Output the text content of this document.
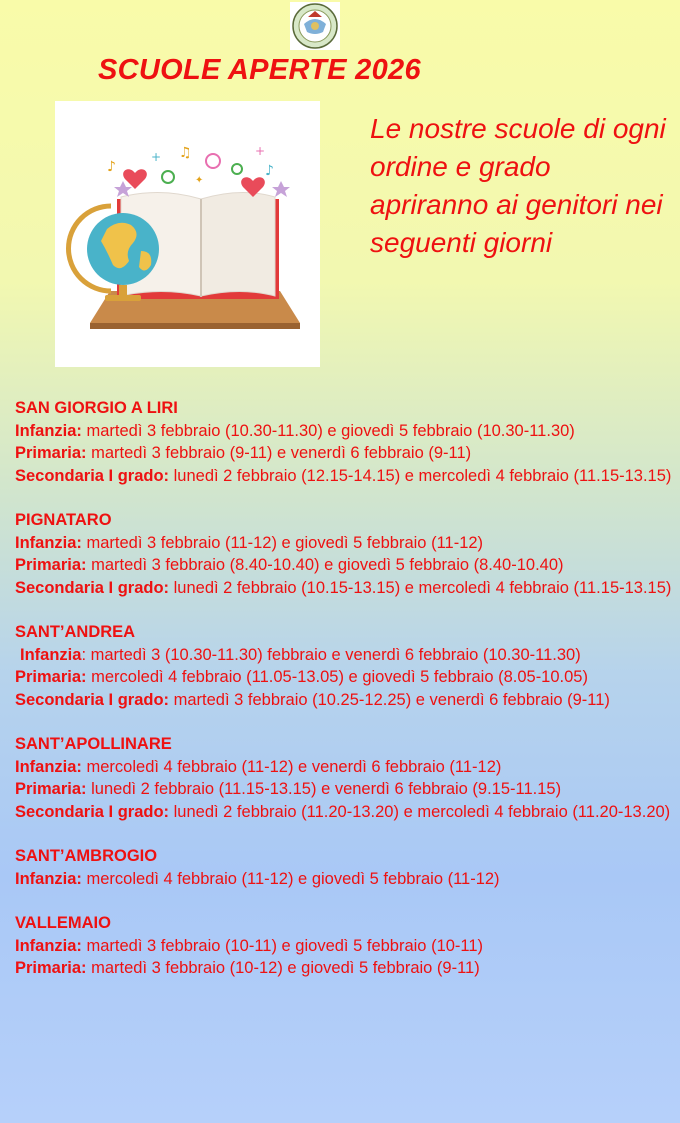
SCUOLE APERTE 2026
♪
♫
♪
+	+
✦

Le nostre scuole di ogni ordine e grado apriranno ai genitori nei seguenti giorni

SAN GIORGIO A LIRI

Infanzia: martedì 3 febbraio (10.30-11.30) e giovedì 5 febbraio (10.30-11.30)

Primaria: martedì 3 febbraio (9-11) e venerdì 6 febbraio (9-11)

Secondaria I grado: lunedì 2 febbraio (12.15-14.15) e mercoledì 4 febbraio (11.15-13.15)

PIGNATARO

Infanzia: martedì 3 febbraio (11-12) e giovedì 5 febbraio (11-12)

Primaria: martedì 3 febbraio (8.40-10.40) e giovedì 5 febbraio (8.40-10.40)

Secondaria I grado: lunedì 2 febbraio (10.15-13.15) e mercoledì 4 febbraio (11.15-13.15)

SANT’ANDREA

Infanzia: martedì 3 (10.30-11.30) febbraio e venerdì 6 febbraio (10.30-11.30)

Primaria: mercoledì 4 febbraio (11.05-13.05) e giovedì 5 febbraio (8.05-10.05)

Secondaria I grado: martedì 3 febbraio (10.25-12.25) e venerdì 6 febbraio (9-11)

SANT’APOLLINARE

Infanzia: mercoledì 4 febbraio (11-12) e venerdì 6 febbraio (11-12)

Primaria: lunedì 2 febbraio (11.15-13.15) e venerdì 6 febbraio (9.15-11.15)

Secondaria I grado: lunedì 2 febbraio (11.20-13.20) e mercoledì 4 febbraio (11.20-13.20)

SANT’AMBROGIO

Infanzia: mercoledì 4 febbraio (11-12) e giovedì 5 febbraio (11-12)

VALLEMAIO

Infanzia: martedì 3 febbraio (10-11) e giovedì 5 febbraio (10-11)

Primaria: martedì 3 febbraio (10-12) e giovedì 5 febbraio (9-11)
